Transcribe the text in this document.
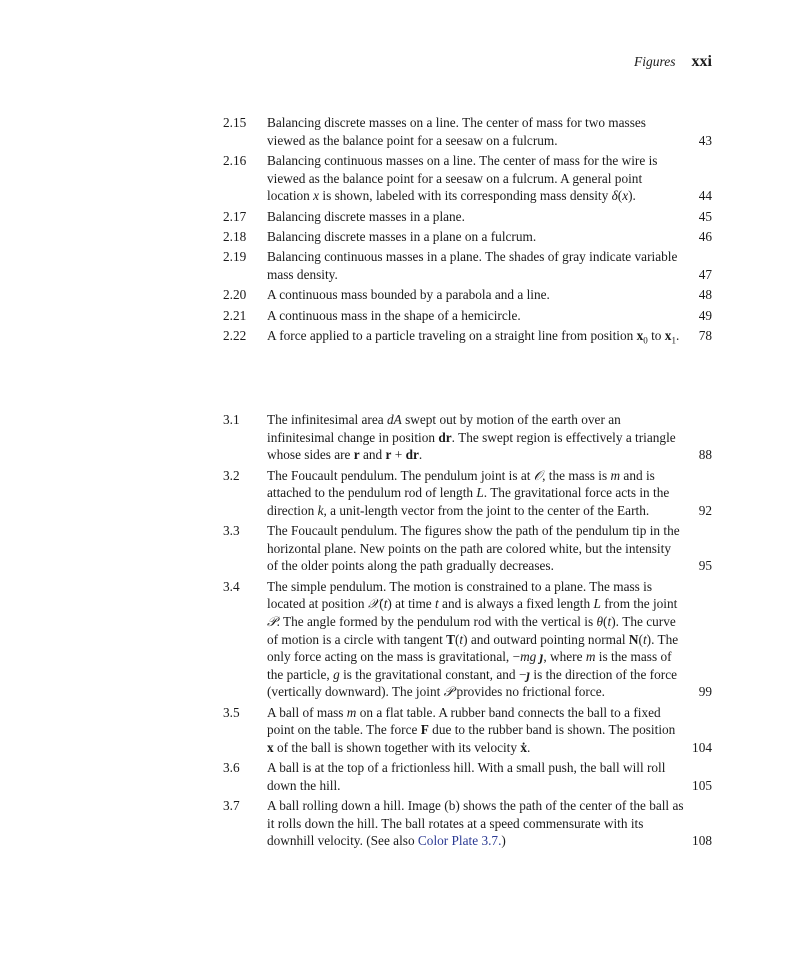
Figures xxi
2.15	Balancing discrete masses on a line. The center of mass for two masses viewed as the balance point for a seesaw on a fulcrum.	43
2.16	Balancing continuous masses on a line. The center of mass for the wire is viewed as the balance point for a seesaw on a fulcrum. A general point location x is shown, labeled with its corresponding mass density δ(x).	44
2.17	Balancing discrete masses in a plane.	45
2.18	Balancing discrete masses in a plane on a fulcrum.	46
2.19	Balancing continuous masses in a plane. The shades of gray indicate variable mass density.	47
2.20	A continuous mass bounded by a parabola and a line.	48
2.21	A continuous mass in the shape of a hemicircle.	49
2.22	A force applied to a particle traveling on a straight line from position $x_0$ to $x_1$.	78
3.1	The infinitesimal area dA swept out by motion of the earth over an infinitesimal change in position dr. The swept region is effectively a triangle whose sides are r and r + dr.	88
3.2	The Foucault pendulum. The pendulum joint is at 𝒪, the mass is m and is attached to the pendulum rod of length L. The gravitational force acts in the direction k, a unit-length vector from the joint to the center of the Earth.	92
3.3	The Foucault pendulum. The figures show the path of the pendulum tip in the horizontal plane. New points on the path are colored white, but the intensity of the older points along the path gradually decreases.	95
3.4	The simple pendulum. The motion is constrained to a plane. The mass is located at position 𝒳(t) at time t and is always a fixed length L from the joint 𝒫. The angle formed by the pendulum rod with the vertical is θ(t). The curve of motion is a circle with tangent T(t) and outward pointing normal N(t). The only force acting on the mass is gravitational, −mg ȷ, where m is the mass of the particle, g is the gravitational constant, and −ȷ is the direction of the force (vertically downward). The joint 𝒫 provides no frictional force.	99
3.5	A ball of mass m on a flat table. A rubber band connects the ball to a fixed point on the table. The force F due to the rubber band is shown. The position x of the ball is shown together with its velocity ẋ.	104
3.6	A ball is at the top of a frictionless hill. With a small push, the ball will roll down the hill.	105
3.7	A ball rolling down a hill. Image (b) shows the path of the center of the ball as it rolls down the hill. The ball rotates at a speed commensurate with its downhill velocity. (See also Color Plate 3.7.)	108
